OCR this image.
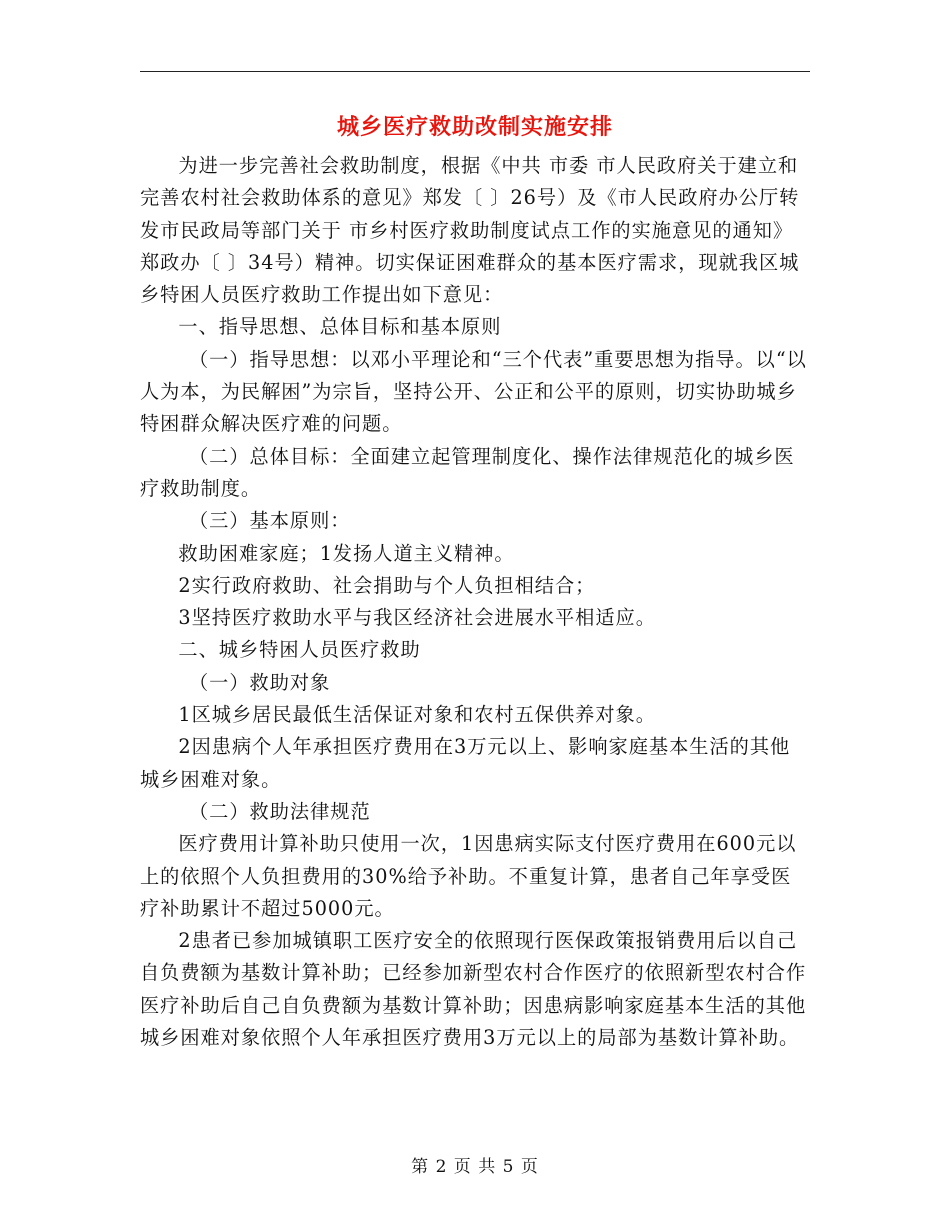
城乡医疗救助改制实施安排

为进一步完善社会救助制度，根据《中共 市委 市人民政府关于建立和完善农村社会救助体系的意见》郑发〔 〕26号）及《市人民政府办公厅转发市民政局等部门关于 市乡村医疗救助制度试点工作的实施意见的通知》郑政办〔 〕34号）精神。切实保证困难群众的基本医疗需求，现就我区城乡特困人员医疗救助工作提出如下意见：

一、指导思想、总体目标和基本原则

（一）指导思想：以邓小平理论和“三个代表”重要思想为指导。以“以人为本，为民解困”为宗旨，坚持公开、公正和公平的原则，切实协助城乡特困群众解决医疗难的问题。

（二）总体目标：全面建立起管理制度化、操作法律规范化的城乡医疗救助制度。

（三）基本原则：

救助困难家庭；1发扬人道主义精神。

2实行政府救助、社会捐助与个人负担相结合；

3坚持医疗救助水平与我区经济社会进展水平相适应。

二、城乡特困人员医疗救助

（一）救助对象

1区城乡居民最低生活保证对象和农村五保供养对象。

2因患病个人年承担医疗费用在3万元以上、影响家庭基本生活的其他城乡困难对象。

（二）救助法律规范

医疗费用计算补助只使用一次，1因患病实际支付医疗费用在600元以上的依照个人负担费用的30%给予补助。不重复计算，患者自己年享受医疗补助累计不超过5000元。

2患者已参加城镇职工医疗安全的依照现行医保政策报销费用后以自己自负费额为基数计算补助；已经参加新型农村合作医疗的依照新型农村合作医疗补助后自己自负费额为基数计算补助；因患病影响家庭基本生活的其他城乡困难对象依照个人年承担医疗费用3万元以上的局部为基数计算补助。

第 2 页 共 5 页
